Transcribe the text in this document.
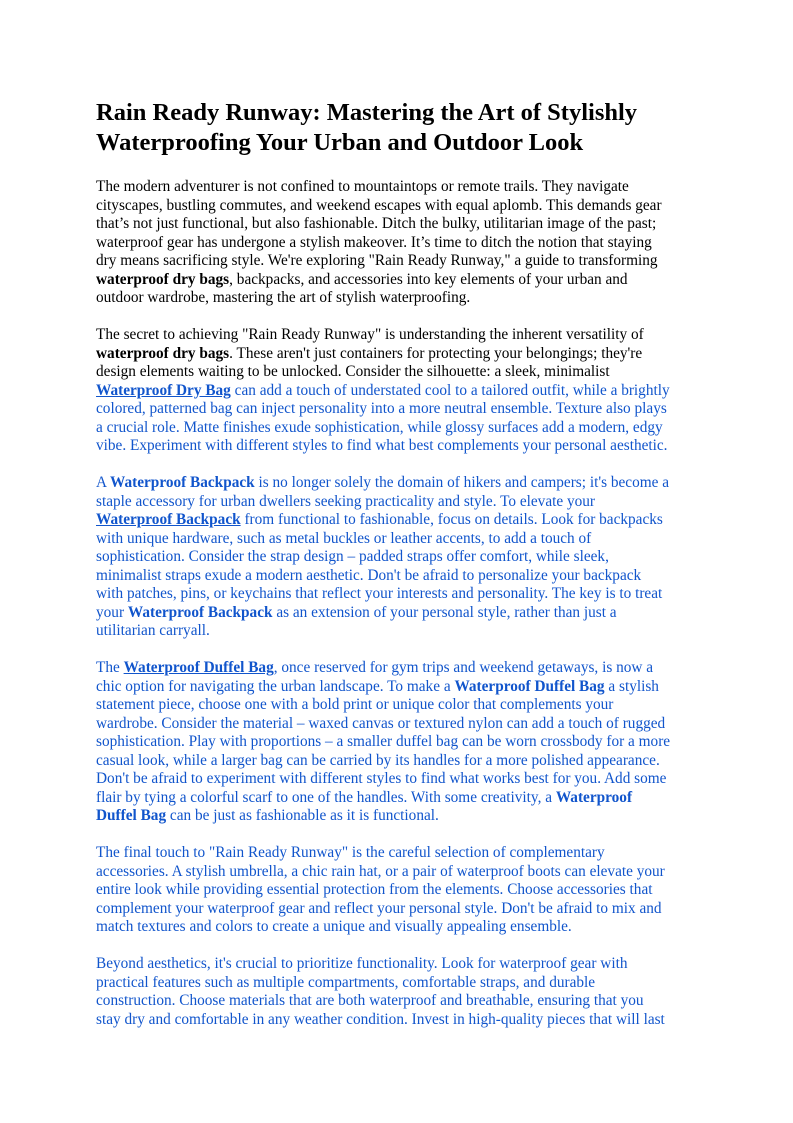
Rain Ready Runway: Mastering the Art of Stylishly
Waterproofing Your Urban and Outdoor Look

The modern adventurer is not confined to mountaintops or remote trails. They navigate
cityscapes, bustling commutes, and weekend escapes with equal aplomb. This demands gear
that’s not just functional, but also fashionable. Ditch the bulky, utilitarian image of the past;
waterproof gear has undergone a stylish makeover. It’s time to ditch the notion that staying
dry means sacrificing style. We're exploring "Rain Ready Runway," a guide to transforming
waterproof dry bags, backpacks, and accessories into key elements of your urban and
outdoor wardrobe, mastering the art of stylish waterproofing.

The secret to achieving "Rain Ready Runway" is understanding the inherent versatility of
waterproof dry bags. These aren't just containers for protecting your belongings; they're
design elements waiting to be unlocked. Consider the silhouette: a sleek, minimalist
Waterproof Dry Bag can add a touch of understated cool to a tailored outfit, while a brightly
colored, patterned bag can inject personality into a more neutral ensemble. Texture also plays
a crucial role. Matte finishes exude sophistication, while glossy surfaces add a modern, edgy
vibe. Experiment with different styles to find what best complements your personal aesthetic.

A Waterproof Backpack is no longer solely the domain of hikers and campers; it's become a
staple accessory for urban dwellers seeking practicality and style. To elevate your
Waterproof Backpack from functional to fashionable, focus on details. Look for backpacks
with unique hardware, such as metal buckles or leather accents, to add a touch of
sophistication. Consider the strap design – padded straps offer comfort, while sleek,
minimalist straps exude a modern aesthetic. Don't be afraid to personalize your backpack
with patches, pins, or keychains that reflect your interests and personality. The key is to treat
your Waterproof Backpack as an extension of your personal style, rather than just a
utilitarian carryall.

The Waterproof Duffel Bag, once reserved for gym trips and weekend getaways, is now a
chic option for navigating the urban landscape. To make a Waterproof Duffel Bag a stylish
statement piece, choose one with a bold print or unique color that complements your
wardrobe. Consider the material – waxed canvas or textured nylon can add a touch of rugged
sophistication. Play with proportions – a smaller duffel bag can be worn crossbody for a more
casual look, while a larger bag can be carried by its handles for a more polished appearance.
Don't be afraid to experiment with different styles to find what works best for you. Add some
flair by tying a colorful scarf to one of the handles. With some creativity, a Waterproof
Duffel Bag can be just as fashionable as it is functional.

The final touch to "Rain Ready Runway" is the careful selection of complementary
accessories. A stylish umbrella, a chic rain hat, or a pair of waterproof boots can elevate your
entire look while providing essential protection from the elements. Choose accessories that
complement your waterproof gear and reflect your personal style. Don't be afraid to mix and
match textures and colors to create a unique and visually appealing ensemble.

Beyond aesthetics, it's crucial to prioritize functionality. Look for waterproof gear with
practical features such as multiple compartments, comfortable straps, and durable
construction. Choose materials that are both waterproof and breathable, ensuring that you
stay dry and comfortable in any weather condition. Invest in high-quality pieces that will last
